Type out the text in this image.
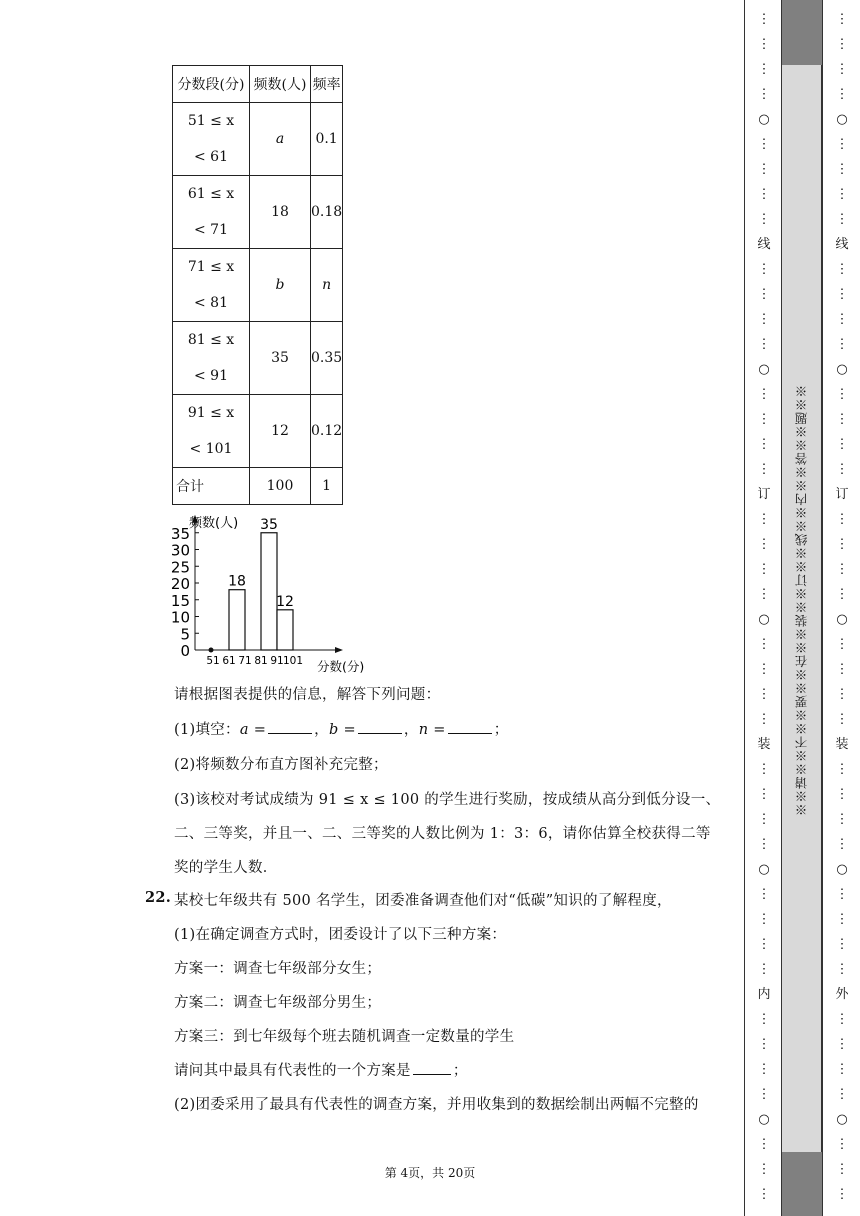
分数段(分)	频数(人)	频率

51 ≤ x
< 61	a	0.1

61 ≤ x
< 71	18	0.18

71 ≤ x
< 81	b	n

81 ≤ x
< 91	35	0.35

91 ≤ x
< 101	12	0.12
合计	100	1
0
5
10
15
20
25
30
35
51 61 71 81 91 101
18
35
12
频数(人)
分数(分)
请根据图表提供的信息，解答下列问题：
(1)填空：a =	，b =	，n =	；
(2)将频数分布直方图补充完整；
(3)该校对考试成绩为 91 ≤ x ≤ 100 的学生进行奖励，按成绩从高分到低分设一、
二、三等奖，并且一、二、三等奖的人数比例为 1：3：6，请你估算全校获得二等
奖的学生人数．
22. 某校七年级共有 500 名学生，团委准备调查他们对“低碳”知识的了解程度，
(1)在确定调查方式时，团委设计了以下三种方案：
方案一：调查七年级部分女生；
方案二：调查七年级部分男生；
方案三：到七年级每个班去随机调查一定数量的学生
请问其中最具有代表性的一个方案是	；
(2)团委采用了最具有代表性的调查方案，并用收集到的数据绘制出两幅不完整的
第 4页，共 20页
⋮
⋮
⋮
⋮
○
⋮
⋮
⋮
⋮
线
⋮
⋮
⋮
⋮
○
⋮
⋮
⋮
⋮
订
⋮
⋮
⋮
⋮
○
⋮
⋮
⋮
⋮
装
⋮
⋮
⋮
⋮
○
⋮
⋮
⋮
⋮
内
⋮
⋮
⋮
⋮
○
⋮
⋮
⋮
※※请※※不※※要※※在※※装※※订※※线※※内※※答※※题※※
⋮
⋮
⋮
⋮
○
⋮
⋮
⋮
⋮
线
⋮
⋮
⋮
⋮
○
⋮
⋮
⋮
⋮
订
⋮
⋮
⋮
⋮
○
⋮
⋮
⋮
⋮
装
⋮
⋮
⋮
⋮
○
⋮
⋮
⋮
⋮
外
⋮
⋮
⋮
⋮
○
⋮
⋮
⋮
